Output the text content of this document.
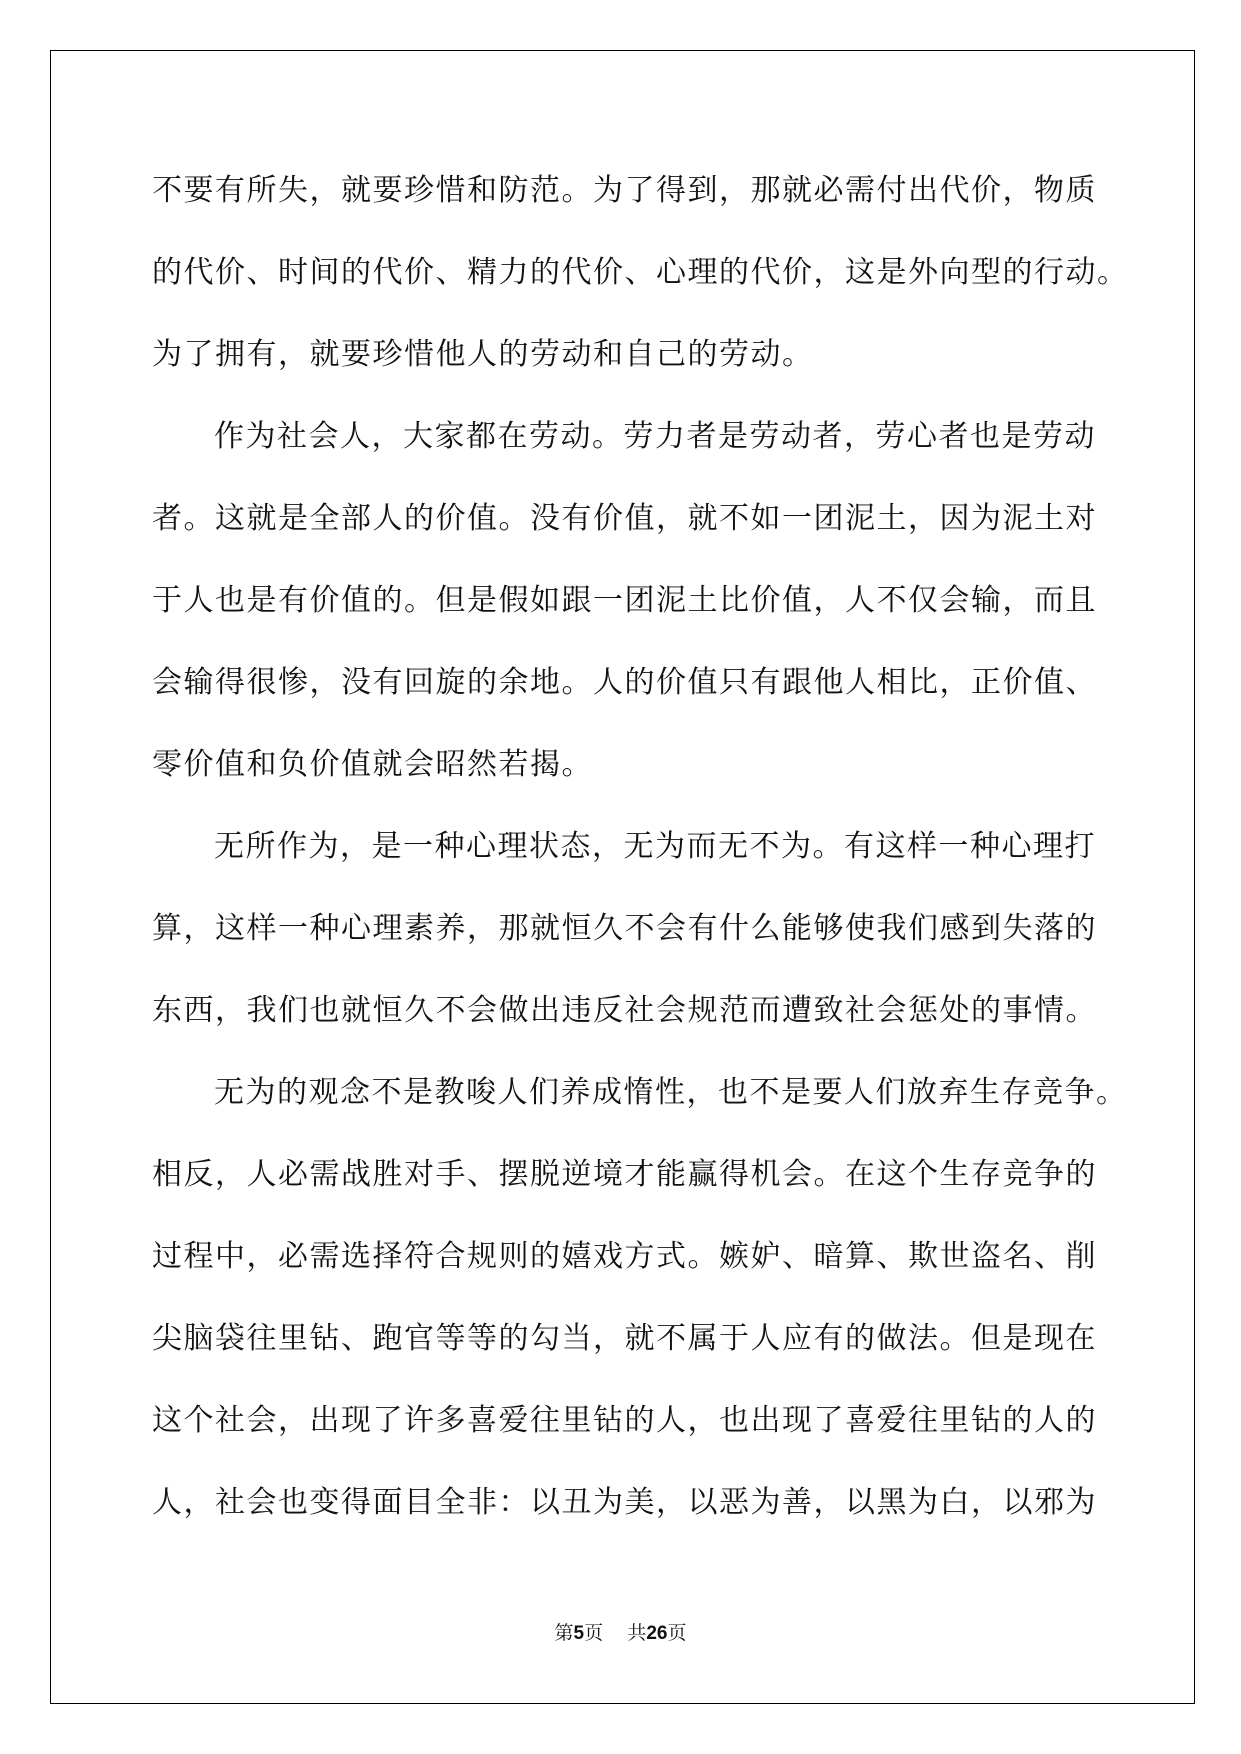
不要有所失，就要珍惜和防范。为了得到，那就必需付出代价，物质
的代价、时间的代价、精力的代价、心理的代价，这是外向型的行动。
为了拥有，就要珍惜他人的劳动和自己的劳动。
作为社会人，大家都在劳动。劳力者是劳动者，劳心者也是劳动
者。这就是全部人的价值。没有价值，就不如一团泥土，因为泥土对
于人也是有价值的。但是假如跟一团泥土比价值，人不仅会输，而且
会输得很惨，没有回旋的余地。人的价值只有跟他人相比，正价值、
零价值和负价值就会昭然若揭。
无所作为，是一种心理状态，无为而无不为。有这样一种心理打
算，这样一种心理素养，那就恒久不会有什么能够使我们感到失落的
东西，我们也就恒久不会做出违反社会规范而遭致社会惩处的事情。
无为的观念不是教唆人们养成惰性，也不是要人们放弃生存竞争。
相反，人必需战胜对手、摆脱逆境才能赢得机会。在这个生存竞争的
过程中，必需选择符合规则的嬉戏方式。嫉妒、暗算、欺世盗名、削
尖脑袋往里钻、跑官等等的勾当，就不属于人应有的做法。但是现在
这个社会，出现了许多喜爱往里钻的人，也出现了喜爱往里钻的人的
人，社会也变得面目全非：以丑为美，以恶为善，以黑为白，以邪为
第5页 共26页
